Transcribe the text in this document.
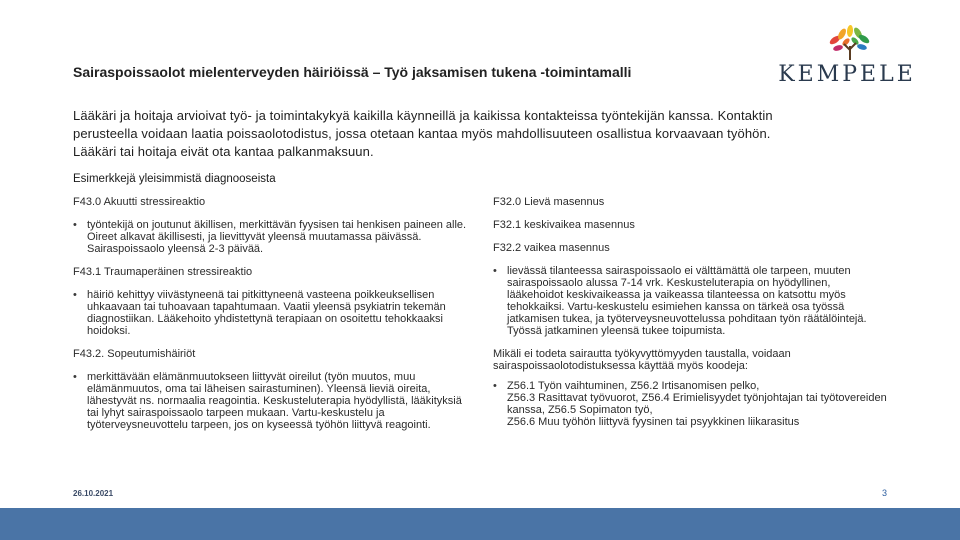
Sairaspoissaolot mielenterveyden häiriöissä – Työ jaksamisen tukena -toimintamalli	KEMPELE
Lääkäri ja hoitaja arvioivat työ- ja toimintakykyä kaikilla käynneillä ja kaikissa kontakteissa työntekijän kanssa. Kontaktin perusteella voidaan laatia poissaolotodistus, jossa otetaan kantaa myös mahdollisuuteen osallistua korvaavaan työhön. Lääkäri tai hoitaja eivät ota kantaa palkanmaksuun.
Esimerkkejä yleisimmistä diagnooseista
F43.0 Akuutti stressireaktio
• työntekijä on joutunut äkillisen, merkittävän fyysisen tai henkisen paineen alle. Oireet alkavat äkillisesti, ja lievittyvät yleensä muutamassa päivässä. Sairaspoissaolo yleensä 2-3 päivää.
F43.1 Traumaperäinen stressireaktio
• häiriö kehittyy viivästyneenä tai pitkittyneenä vasteena poikkeuksellisen uhkaavaan tai tuhoavaan tapahtumaan. Vaatii yleensä psykiatrin tekemän diagnostiikan. Lääkehoito yhdistettynä terapiaan on osoitettu tehokkaaksi hoidoksi.
F43.2. Sopeutumishäiriöt
• merkittävään elämänmuutokseen liittyvät oireilut (työn muutos, muu elämänmuutos, oma tai läheisen sairastuminen). Yleensä lieviä oireita, lähestyvät ns. normaalia reagointia. Keskusteluterapia hyödyllistä, lääkityksiä tai lyhyt sairaspoissaolo tarpeen mukaan. Vartu-keskustelu ja työterveysneuvottelu tarpeen, jos on kyseessä työhön liittyvä reagointi.
F32.0 Lievä masennus
F32.1 keskivaikea masennus
F32.2 vaikea masennus
• lievässä tilanteessa sairaspoissaolo ei välttämättä ole tarpeen, muuten sairaspoissaolo alussa 7-14 vrk. Keskusteluterapia on hyödyllinen, lääkehoidot keskivaikeassa ja vaikeassa tilanteessa on katsottu myös tehokkaiksi. Vartu-keskustelu esimiehen kanssa on tärkeä osa työssä jatkamisen tukea, ja työterveysneuvottelussa pohditaan työn räätälöintejä. Työssä jatkaminen yleensä tukee toipumista.
Mikäli ei todeta sairautta työkyvyttömyyden taustalla, voidaan sairaspoissaolotodistuksessa käyttää myös koodeja:
• Z56.1 Työn vaihtuminen, Z56.2 Irtisanomisen pelko,
Z56.3 Rasittavat työvuorot, Z56.4 Erimielisyydet työnjohtajan tai työtovereiden kanssa, Z56.5 Sopimaton työ,
Z56.6 Muu työhön liittyvä fyysinen tai psyykkinen liikarasitus
26.10.2021	3
